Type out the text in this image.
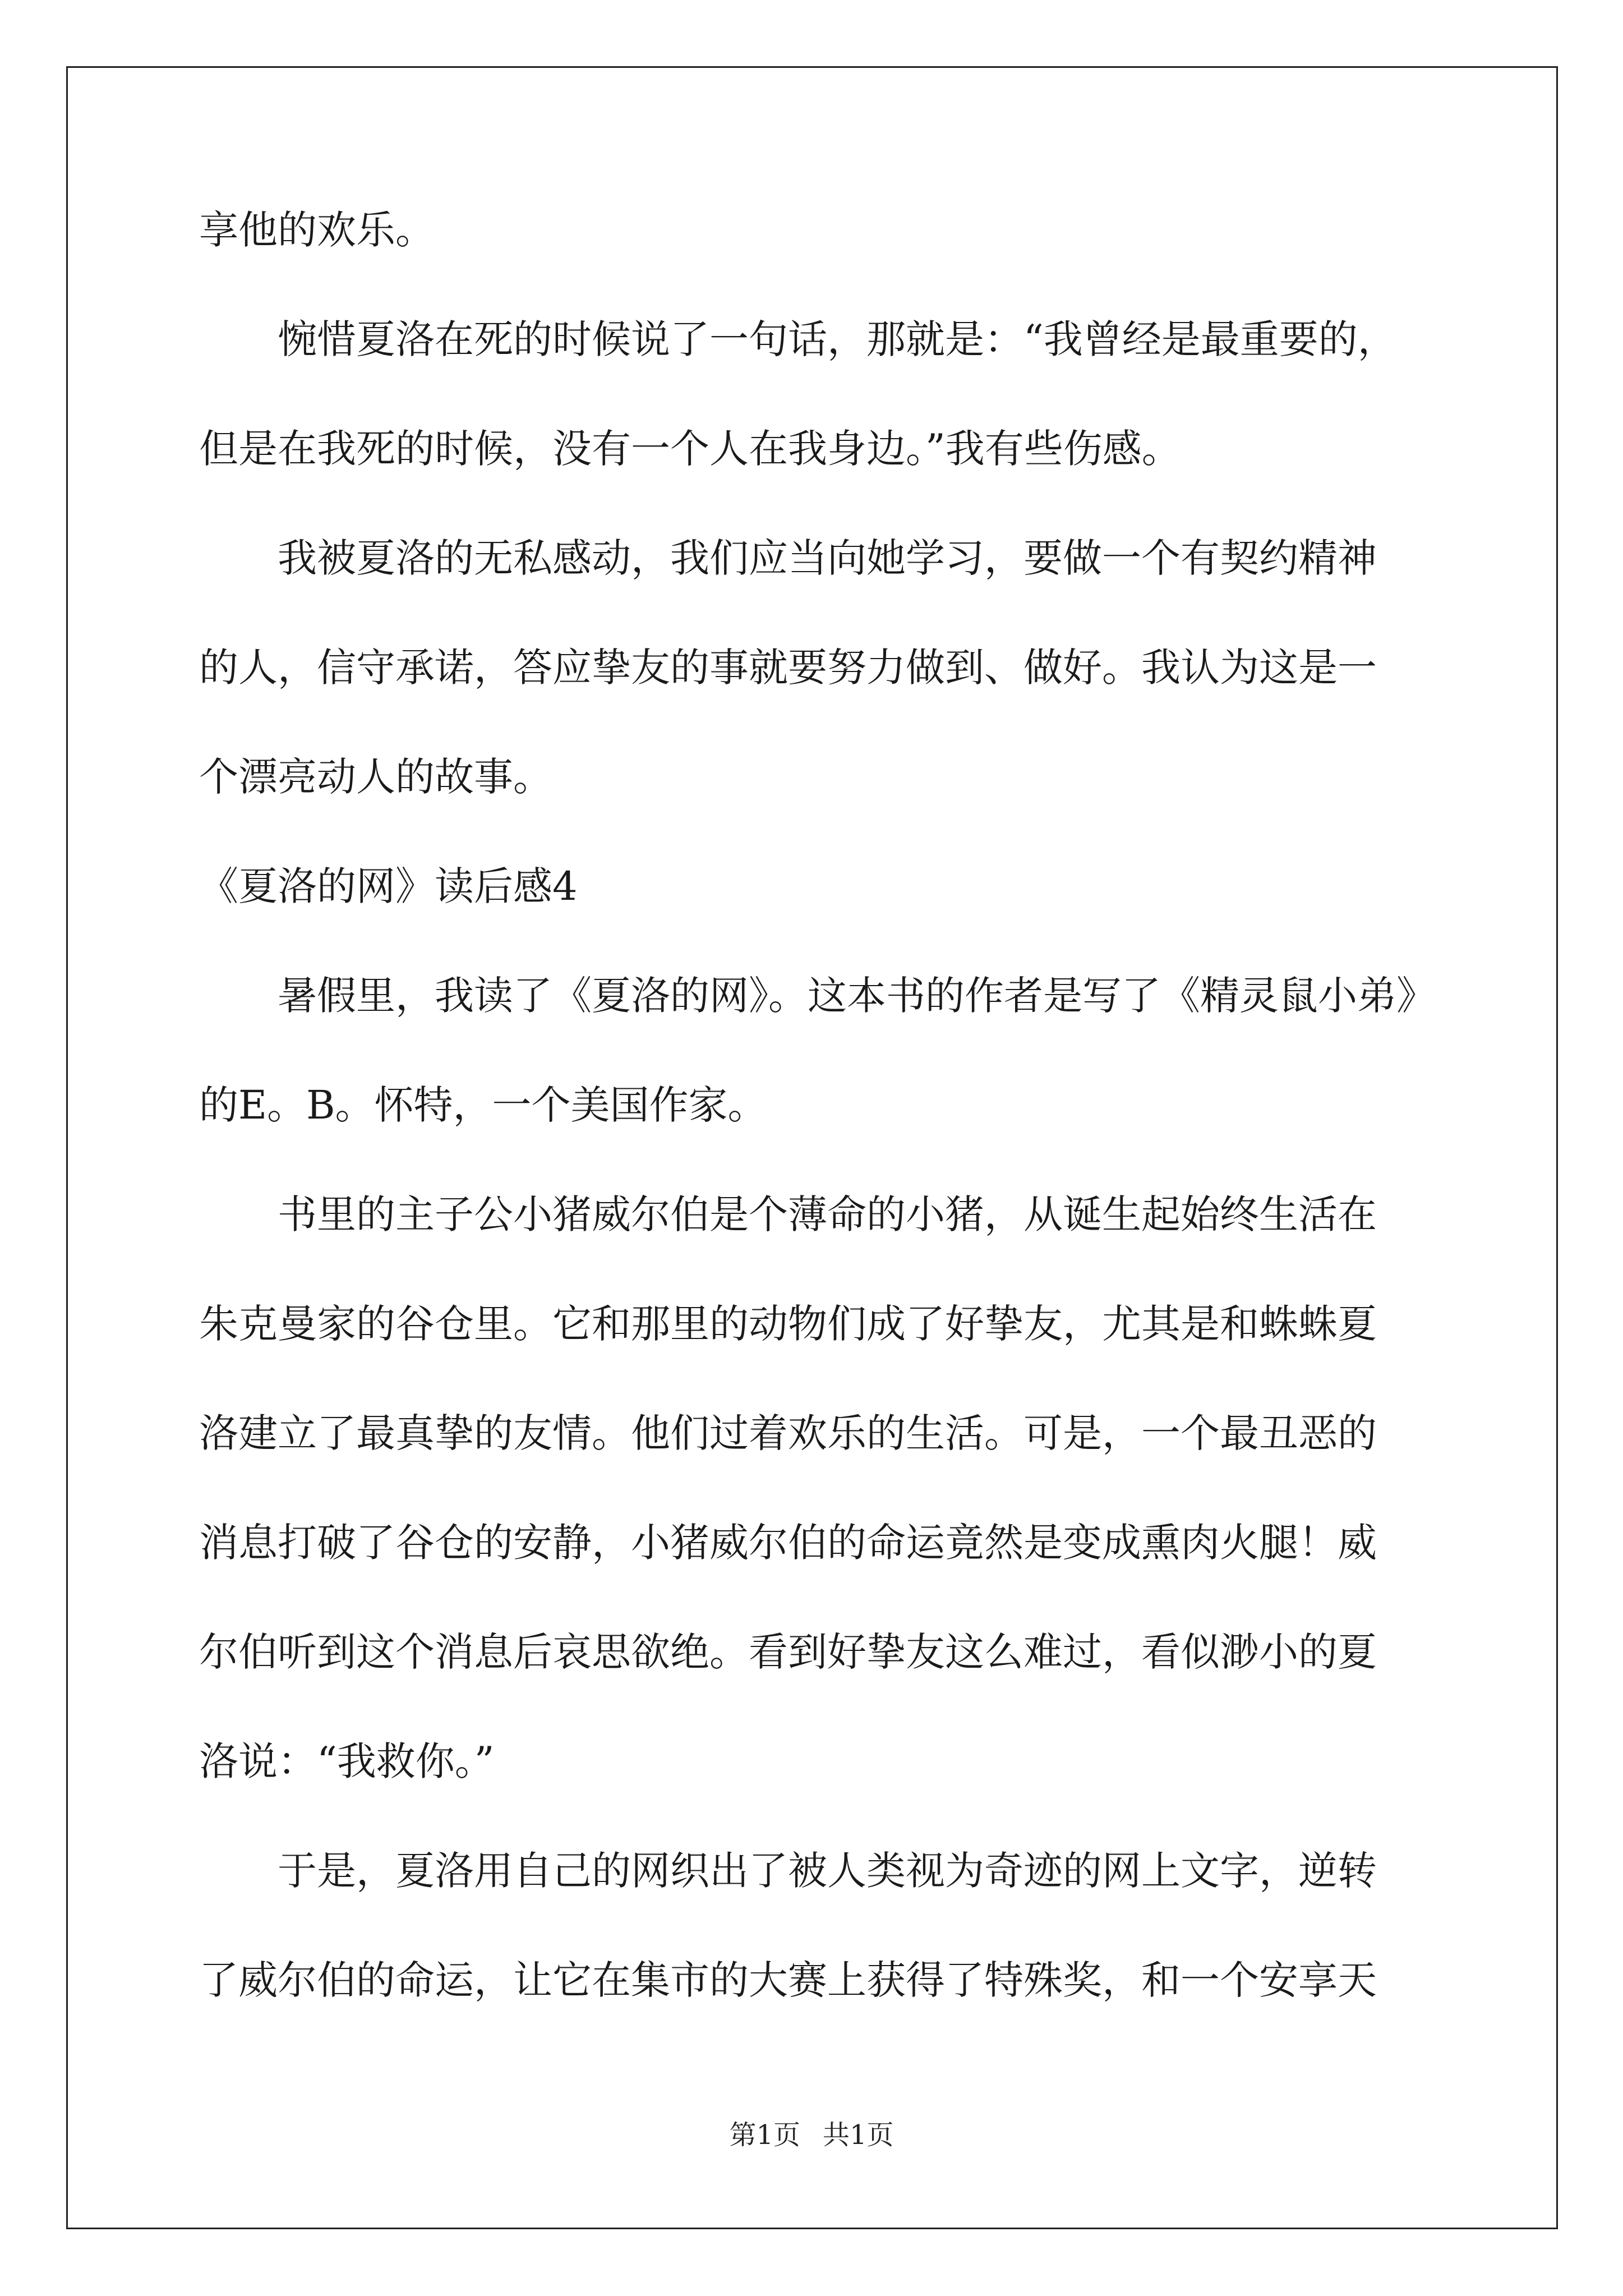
享他的欢乐。
　　惋惜夏洛在死的时候说了一句话，那就是：“我曾经是最重要的，
但是在我死的时候，没有一个人在我身边。”我有些伤感。
　　我被夏洛的无私感动，我们应当向她学习，要做一个有契约精神
的人，信守承诺，答应挚友的事就要努力做到、做好。我认为这是一
个漂亮动人的故事。
《夏洛的网》读后感4
　　暑假里，我读了《夏洛的网》。这本书的作者是写了《精灵鼠小弟》
的E。B。怀特，一个美国作家。
　　书里的主子公小猪威尔伯是个薄命的小猪，从诞生起始终生活在
朱克曼家的谷仓里。它和那里的动物们成了好挚友，尤其是和蛛蛛夏
洛建立了最真挚的友情。他们过着欢乐的生活。可是，一个最丑恶的
消息打破了谷仓的安静，小猪威尔伯的命运竟然是变成熏肉火腿！威
尔伯听到这个消息后哀思欲绝。看到好挚友这么难过，看似渺小的夏
洛说：“我救你。”
　　于是，夏洛用自己的网织出了被人类视为奇迹的网上文字，逆转
了威尔伯的命运，让它在集市的大赛上获得了特殊奖，和一个安享天
第1页 共1页
